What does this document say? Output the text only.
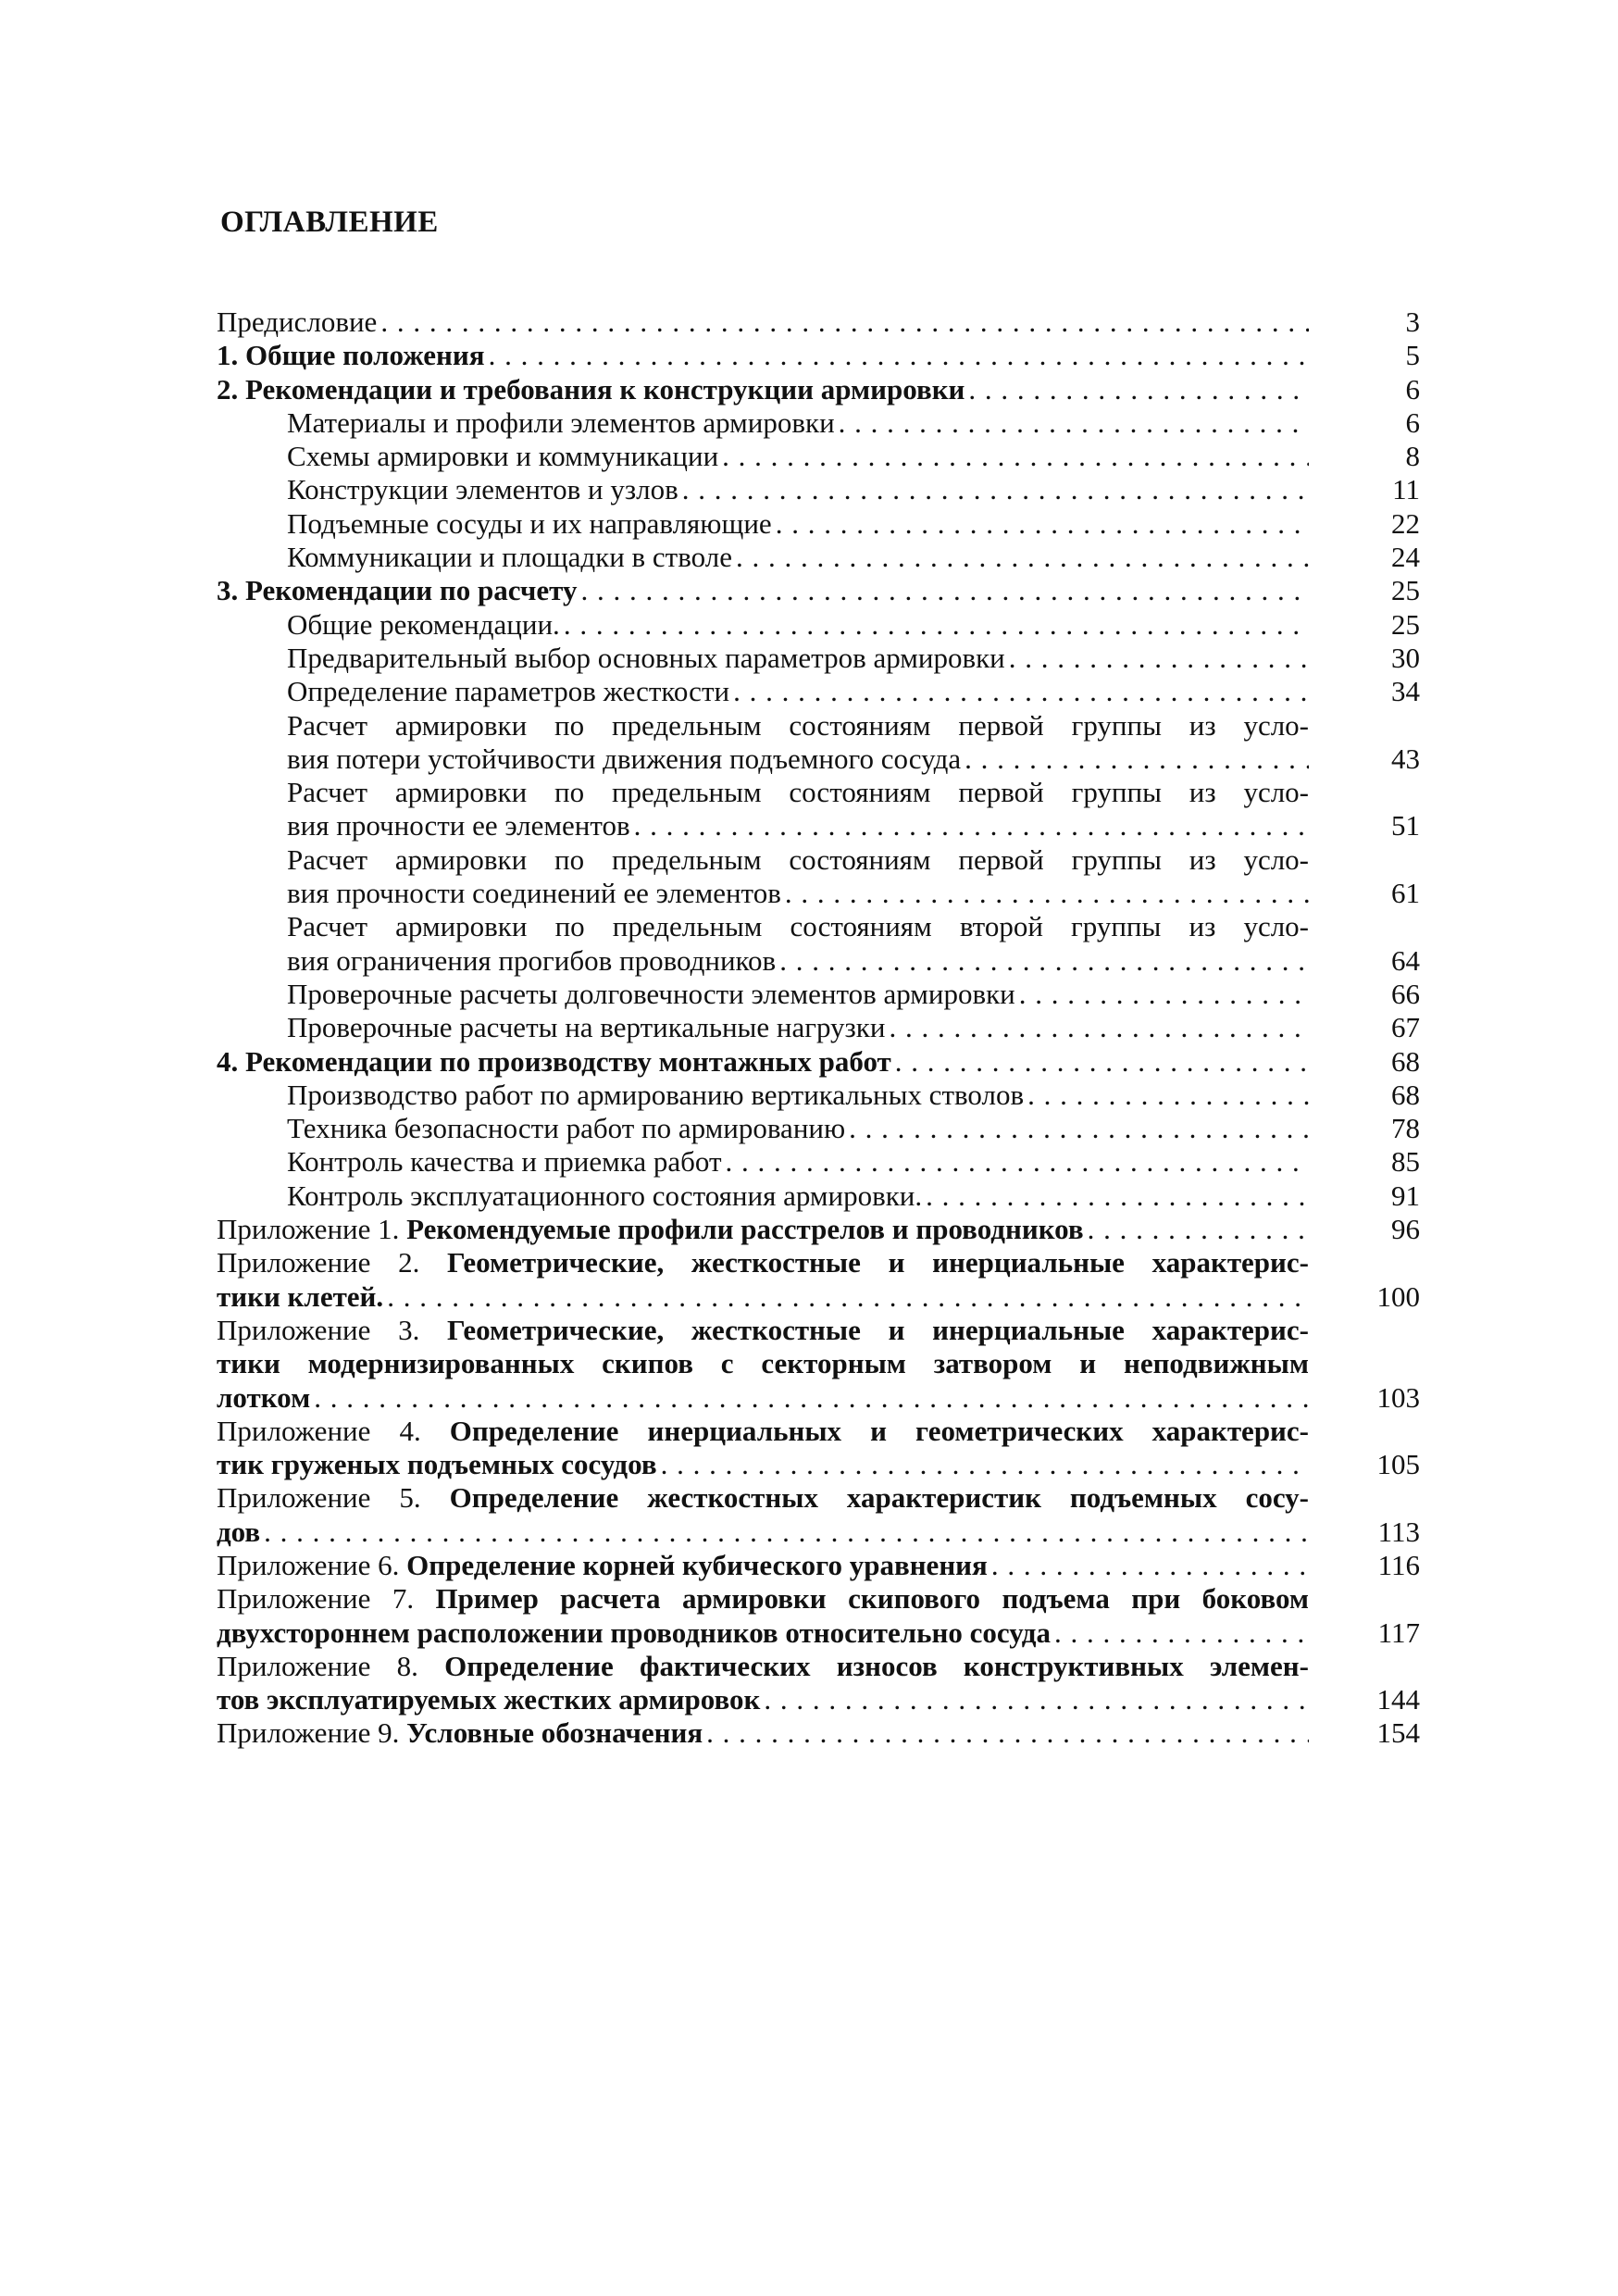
ОГЛАВЛЕНИЕ
Предисловие . . .	3
1. Общие положения . . .	5
2. Рекомендации и требования к конструкции армировки . . .	6
Материалы и профили элементов армировки . . .	6
Схемы армировки и коммуникации . . .	8
Конструкции элементов и узлов . . .	11
Подъемные сосуды и их направляющие . . .	22
Коммуникации и площадки в стволе . . .	24
3. Рекомендации по расчету . . .	25
Общие рекомендации. . . .	25
Предварительный выбор основных параметров армировки . . .	30
Определение параметров жесткости . . .	34
Расчет армировки по предельным состояниям первой группы из усло-
вия потери устойчивости движения подъемного сосуда . . .	43
Расчет армировки по предельным состояниям первой группы из усло-
вия прочности ее элементов . . .	51
Расчет армировки по предельным состояниям первой группы из усло-
вия прочности соединений ее элементов . . .	61
Расчет армировки по предельным состояниям второй группы из усло-
вия ограничения прогибов проводников . . .	64
Проверочные расчеты долговечности элементов армировки . . .	66
Проверочные расчеты на вертикальные нагрузки . . .	67
4. Рекомендации по производству монтажных работ . . .	68
Производство работ по армированию вертикальных стволов . . .	68
Техника безопасности работ по армированию . . .	78
Контроль качества и приемка работ . . .	85
Контроль эксплуатационного состояния армировки. . . .	91
Приложение 1. Рекомендуемые профили расстрелов и проводников . . .	96
Приложение 2. Геометрические, жесткостные и инерциальные характерис-
тики клетей. . . .	100
Приложение 3. Геометрические, жесткостные и инерциальные характерис-
тики модернизированных скипов с секторным затвором и неподвижным
лотком . . .	103
Приложение 4. Определение инерциальных и геометрических характерис-
тик груженых подъемных сосудов . . .	105
Приложение 5. Определение жесткостных характеристик подъемных сосу-
дов . . .	113
Приложение 6. Определение корней кубического уравнения . . .	116
Приложение 7. Пример расчета армировки скипового подъема при боковом
двухстороннем расположении проводников относительно сосуда . . .	117
Приложение 8. Определение фактических износов конструктивных элемен-
тов эксплуатируемых жестких армировок . . .	144
Приложение 9. Условные обозначения . . .	154
